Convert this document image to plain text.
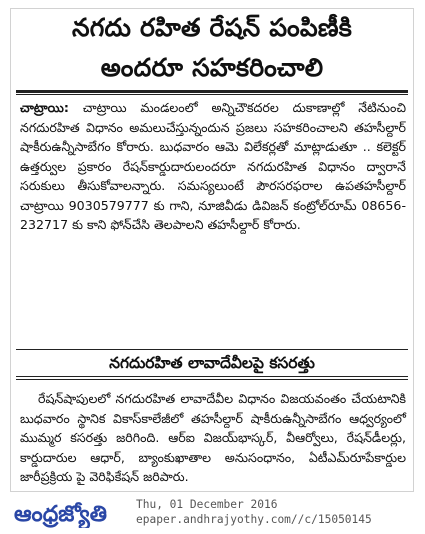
నగదు రహిత రేషన్ పంపిణీకి
అందరూ సహకరించాలి
చాట్రాయి: చాట్రాయి మండలంలో అన్నిచౌకదరల దుకాణాల్లో నేటినుంచి నగదురహిత విధానం అమలుచేస్తున్నందున ప్రజలు సహకరించాలని తహసీల్దార్ షాకీరుఉన్నీసాబేగం కోరారు. బుధవారం ఆమె విలేకర్లతో మాట్లాడుతూ .. కలెక్టర్ ఉత్తర్వుల ప్రకారం రేషన్‌కార్డుదారులందరూ నగదురహిత విధానం ద్వారానే సరుకులు తీసుకోవాలన్నారు. సమస్యలుంటే పౌరసరఫరాల ఉపతహసీల్దార్ చాట్రాయి 9030579777 కు గాని, నూజివీడు డివిజన్ కంట్రోల్‌రూమ్ 08656-232717 కు కాని ఫోన్‌చేసి తెలపాలని తహసీల్దార్ కోరారు.
నగదురహిత లావాదేవీలపై కసరత్తు
రేషన్‌షాపులలో నగదురహిత లావాదేవీల విధానం విజయవంతం చేయటానికి బుధవారం స్థానిక వికాస్‌కాలేజీలో తహసీల్దార్ షాకీరుఉన్నీసాబేగం ఆధ్వర్యంలో ముమ్మర కసరత్తు జరిగింది. ఆర్ఐ విజయ్‌భాస్కర్, వీఆర్వోలు, రేషన్‌డీలర్లు, కార్డుదారుల ఆధార్, బ్యాంకుఖాతాల అనుసంధానం, ఏటీఎమ్‌రూపేకార్డుల జారీప్రక్రియ పై వెరిఫికేషన్ జరిపారు.
ఆంధ్రజ్యోతి	Thu, 01 December 2016
epaper.andhrajyothy.com//c/15050145
